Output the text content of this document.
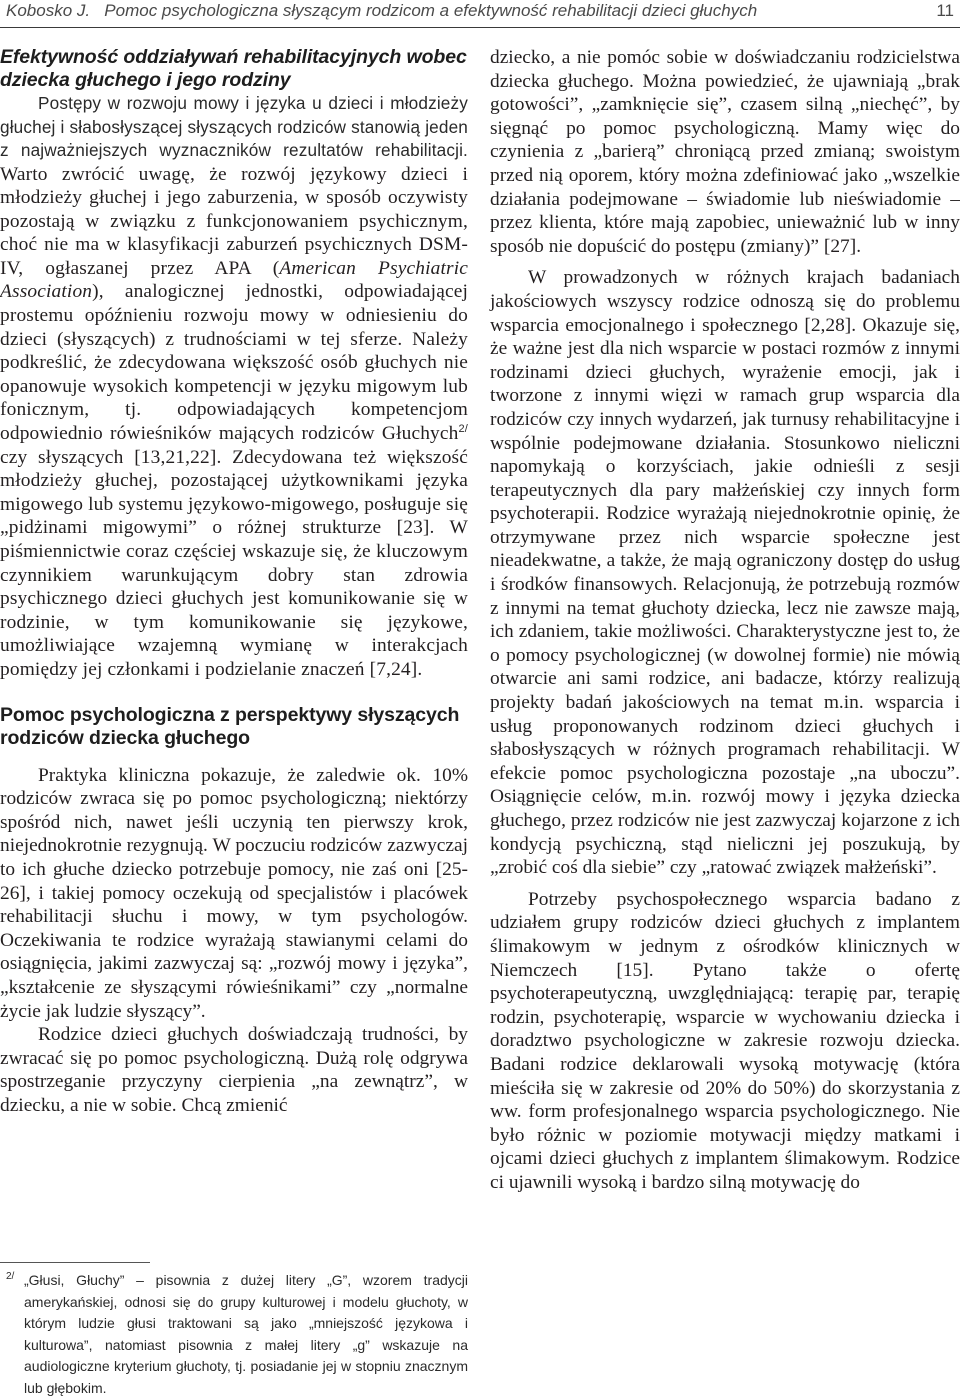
Kobosko J. Pomoc psychologiczna słyszącym rodzicom a efektywność rehabilitacji dzieci głuchych	11
Efektywność oddziaływań rehabilitacyjnych wobec dziecka głuchego i jego rodziny

Postępy w rozwoju mowy i języka u dzieci i młodzieży głuchej i słabosłyszącej słyszących rodziców stanowią jeden z najważniejszych wyznaczników rezultatów rehabilitacji. Warto zwrócić uwagę, że rozwój językowy dzieci i młodzieży głuchej i jego zaburzenia, w sposób oczywisty pozostają w związku z funkcjonowaniem psychicznym, choć nie ma w klasyfikacji zaburzeń psychicznych DSM-IV, ogłaszanej przez APA (American Psychiatric Association), analogicznej jednostki, odpowiadającej prostemu opóźnieniu rozwoju mowy w odniesieniu do dzieci (słyszących) z trudnościami w tej sferze. Należy podkreślić, że zdecydowana większość osób głuchych nie opanowuje wysokich kompetencji w języku migowym lub fonicznym, tj. odpowiadających kompetencjom odpowiednio rówieśników mających rodziców Głuchych$^{2/}$ czy słyszących [13,21,22]. Zdecydowana też większość młodzieży głuchej, pozostającej użytkownikami języka migowego lub systemu językowo-migowego, posługuje się „pidżinami migowymi” o różnej strukturze [23]. W piśmiennictwie coraz częściej wskazuje się, że kluczowym czynnikiem warunkującym dobry stan zdrowia psychicznego dzieci głuchych jest komunikowanie się w rodzinie, w tym komunikowanie się językowe, umożliwiające wzajemną wymianę w interakcjach pomiędzy jej członkami i podzielanie znaczeń [7,24].

Pomoc psychologiczna z perspektywy słyszących rodziców dziecka głuchego

Praktyka kliniczna pokazuje, że zaledwie ok. 10% rodziców zwraca się po pomoc psychologiczną; niektórzy spośród nich, nawet jeśli uczynią ten pierwszy krok, niejednokrotnie rezygnują. W poczuciu rodziców zazwyczaj to ich głuche dziecko potrzebuje pomocy, nie zaś oni [25-26], i takiej pomocy oczekują od specjalistów i placówek rehabilitacji słuchu i mowy, w tym psychologów. Oczekiwania te rodzice wyrażają stawianymi celami do osiągnięcia, jakimi zazwyczaj są: „rozwój mowy i języka”, „kształcenie ze słyszącymi rówieśnikami” czy „normalne życie jak ludzie słyszący”.

Rodzice dzieci głuchych doświadczają trudności, by zwracać się po pomoc psychologiczną. Dużą rolę odgrywa spostrzeganie przyczyny cierpienia „na zewnątrz”, w dziecku, a nie w sobie. Chcą zmienić

2/ „Głusi, Głuchy” – pisownia z dużej litery „G”, wzorem tradycji amerykańskiej, odnosi się do grupy kulturowej i modelu głuchoty, w którym ludzie głusi traktowani są jako „mniejszość językowa i kulturowa”, natomiast pisownia z małej litery „g” wskazuje na audiologiczne kryterium głuchoty, tj. posiadanie jej w stopniu znacznym lub głębokim.

dziecko, a nie pomóc sobie w doświadczaniu rodzicielstwa dziecka głuchego. Można powiedzieć, że ujawniają „brak gotowości”, „zamknięcie się”, czasem silną „niechęć”, by sięgnąć po pomoc psychologiczną. Mamy więc do czynienia z „barierą” chroniącą przed zmianą; swoistym przed nią oporem, który można zdefiniować jako „wszelkie działania podejmowane – świadomie lub nieświadomie – przez klienta, które mają zapobiec, unieważnić lub w inny sposób nie dopuścić do postępu (zmiany)” [27].

W prowadzonych w różnych krajach badaniach jakościowych wszyscy rodzice odnoszą się do problemu wsparcia emocjonalnego i społecznego [2,28]. Okazuje się, że ważne jest dla nich wsparcie w postaci rozmów z innymi rodzinami dzieci głuchych, wyrażenie emocji, jak i tworzone z innymi więzi w ramach grup wsparcia dla rodziców czy innych wydarzeń, jak turnusy rehabilitacyjne i wspólnie podejmowane działania. Stosunkowo nieliczni napomykają o korzyściach, jakie odnieśli z sesji terapeutycznych dla pary małżeńskiej czy innych form psychoterapii. Rodzice wyrażają niejednokrotnie opinię, że otrzymywane przez nich wsparcie społeczne jest nieadekwatne, a także, że mają ograniczony dostęp do usług i środków finansowych. Relacjonują, że potrzebują rozmów z innymi na temat głuchoty dziecka, lecz nie zawsze mają, ich zdaniem, takie możliwości. Charakterystyczne jest to, że o pomocy psychologicznej (w dowolnej formie) nie mówią otwarcie ani sami rodzice, ani badacze, którzy realizują projekty badań jakościowych na temat m.in. wsparcia i usług proponowanych rodzinom dzieci głuchych i słabosłyszących w różnych programach rehabilitacji. W efekcie pomoc psychologiczna pozostaje „na uboczu”. Osiągnięcie celów, m.in. rozwój mowy i języka dziecka głuchego, przez rodziców nie jest zazwyczaj kojarzone z ich kondycją psychiczną, stąd nieliczni jej poszukują, by „zrobić coś dla siebie” czy „ratować związek małżeński”.

Potrzeby psychospołecznego wsparcia badano z udziałem grupy rodziców dzieci głuchych z implantem ślimakowym w jednym z ośrodków klinicznych w Niemczech [15]. Pytano także o ofertę psychoterapeutyczną, uwzględniającą: terapię par, terapię rodzin, psychoterapię, wsparcie w wychowaniu dziecka i doradztwo psychologiczne w zakresie rozwoju dziecka. Badani rodzice deklarowali wysoką motywację (która mieściła się w zakresie od 20% do 50%) do skorzystania z ww. form profesjonalnego wsparcia psychologicznego. Nie było różnic w poziomie motywacji między matkami i ojcami dzieci głuchych z implantem ślimakowym. Rodzice ci ujawnili wysoką i bardzo silną motywację do
